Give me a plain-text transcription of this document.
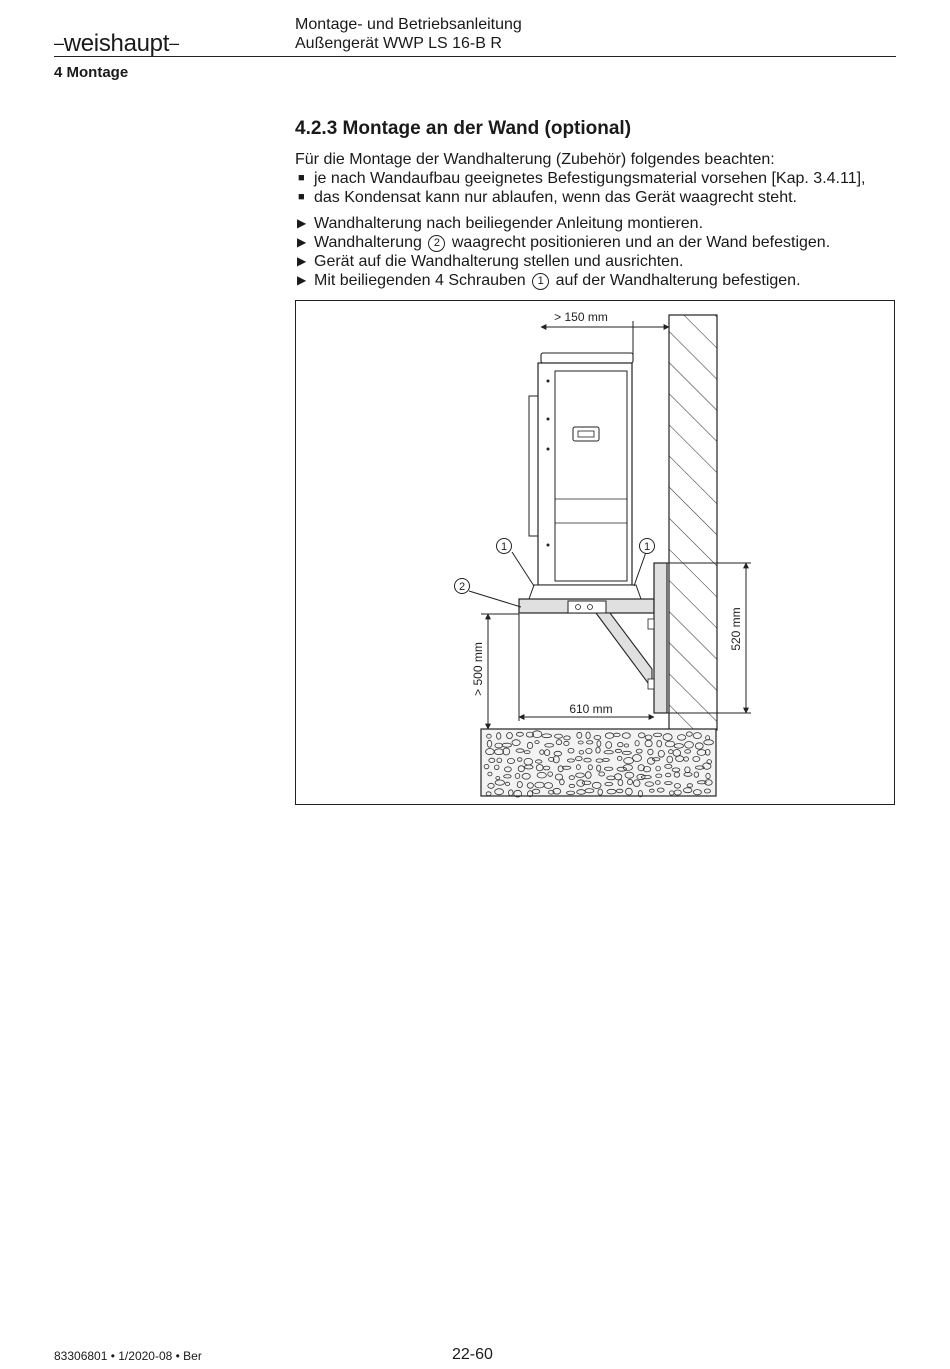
–weishaupt–
Montage- und Betriebsanleitung
Außengerät WWP LS 16-B R
4 Montage
4.2.3 Montage an der Wand (optional)

Für die Montage der Wandhalterung (Zubehör) folgendes beachten:

■ je nach Wandaufbau geeignetes Befestigungsmaterial vorsehen [Kap. 3.4.11],
■ das Kondensat kann nur ablaufen, wenn das Gerät waagrecht steht.
▶ Wandhalterung nach beiliegender Anleitung montieren.
▶ Wandhalterung 2 waagrecht positionieren und an der Wand befestigen.
▶ Gerät auf die Wandhalterung stellen und ausrichten.
▶ Mit beiliegenden 4 Schrauben 1 auf der Wandhalterung befestigen.
> 150 mm
520 mm
> 500 mm
610 mm
1	1
2
83306801 • 1/2020-08 • Ber	22-60
